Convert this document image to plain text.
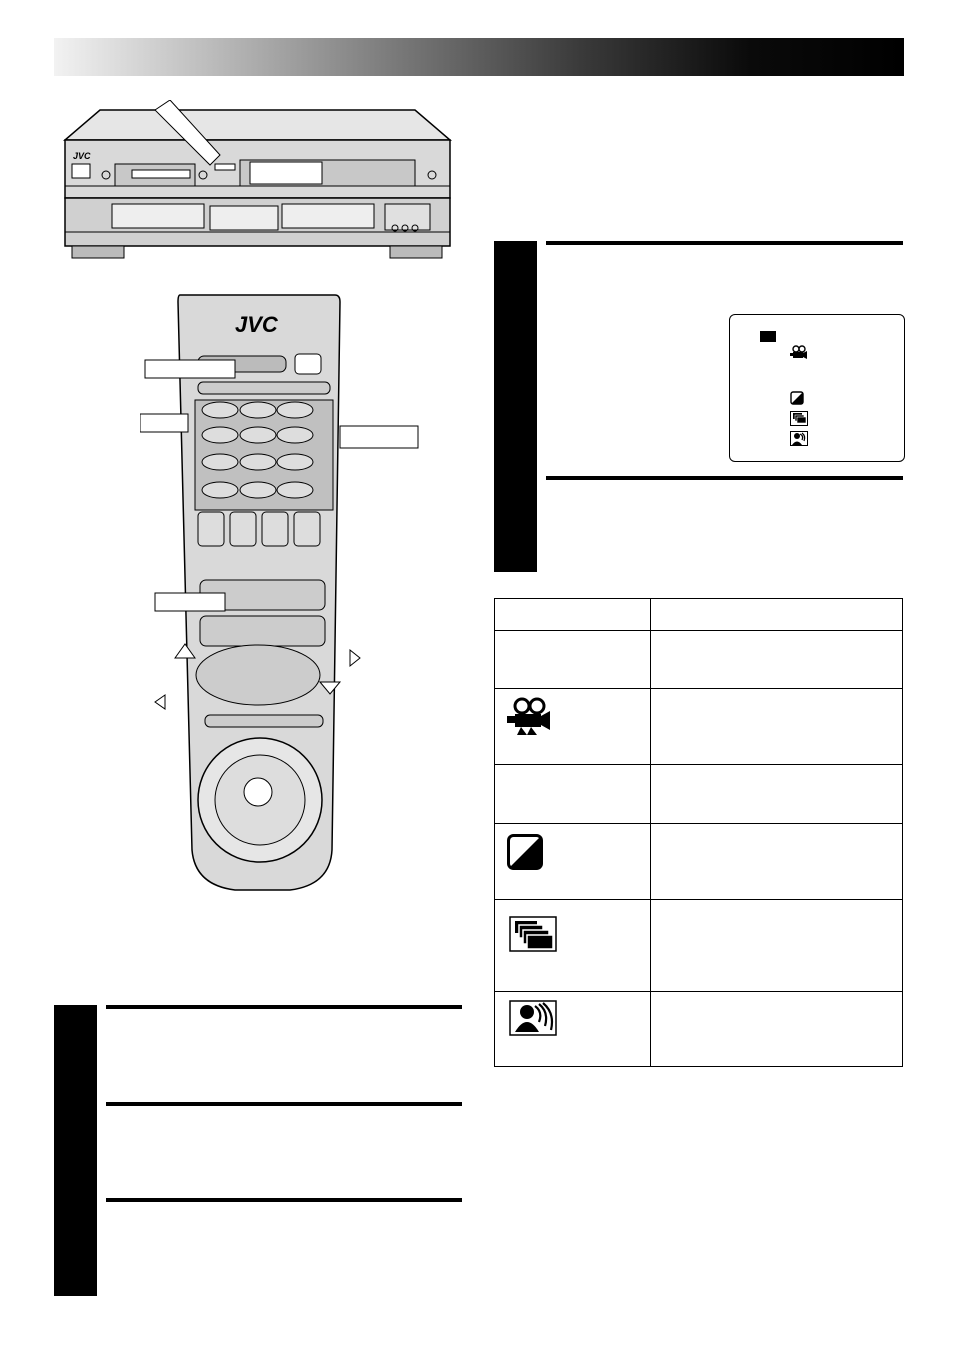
JVC
JVC
